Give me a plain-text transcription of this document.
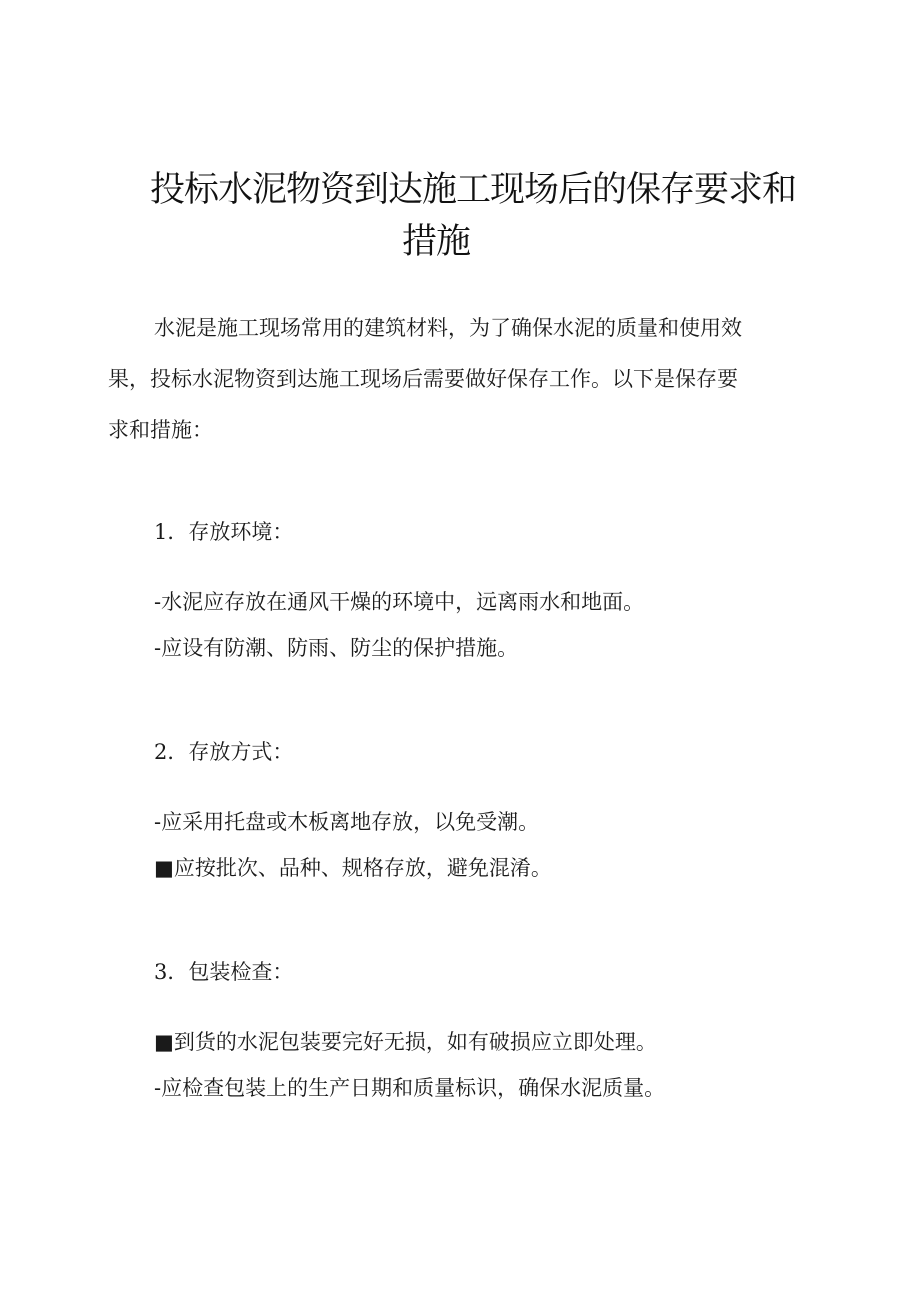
投标水泥物资到达施工现场后的保存要求和
措施
水泥是施工现场常用的建筑材料，为了确保水泥的质量和使用效
果，投标水泥物资到达施工现场后需要做好保存工作。以下是保存要
求和措施：
1．存放环境：
-水泥应存放在通风干燥的环境中，远离雨水和地面。
-应设有防潮、防雨、防尘的保护措施。
2．存放方式：
-应采用托盘或木板离地存放，以免受潮。
■应按批次、品种、规格存放，避免混淆。
3．包装检查：
■到货的水泥包装要完好无损，如有破损应立即处理。
-应检查包装上的生产日期和质量标识，确保水泥质量。
